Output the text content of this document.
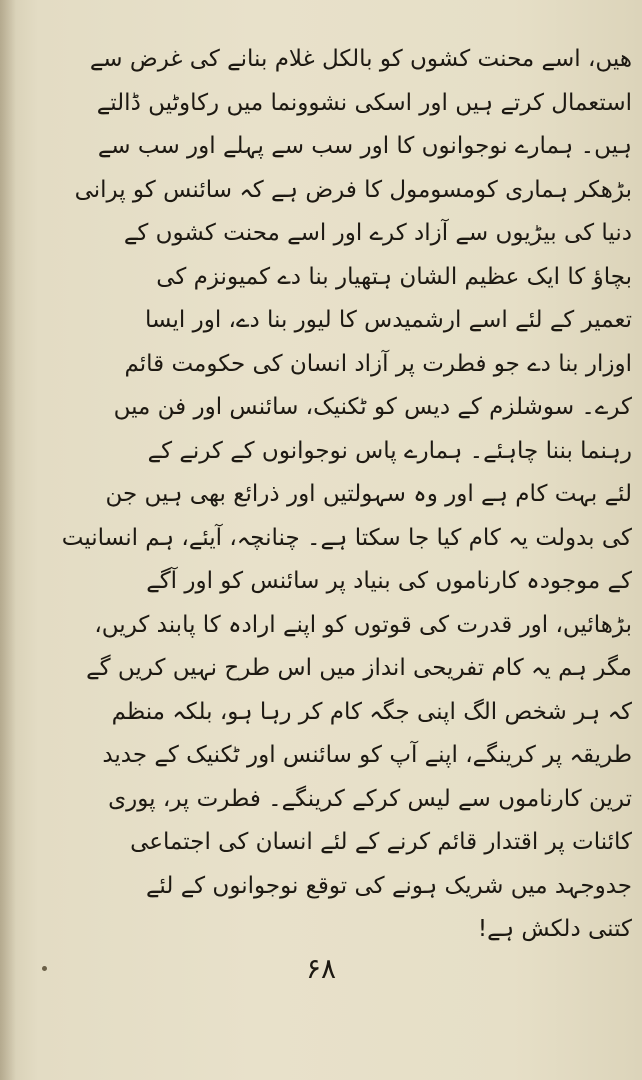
هیں، اسے محنت کشوں کو بالکل غلام بنانے کی غرض سے
استعمال کرتے ہیں اور اسکی نشوونما میں رکاوٹیں ڈالتے
ہیں۔ ہمارے نوجوانوں کا اور سب سے پہلے اور سب سے
بڑھکر ہماری کومسومول کا فرض ہے کہ سائنس کو پرانی
دنیا کی بیڑیوں سے آزاد کرے اور اسے محنت کشوں کے
بچاؤ کا ایک عظیم الشان ہتھیار بنا دے کمیونزم کی
تعمیر کے لئے اسے ارشمیدس کا لیور بنا دے، اور ایسا
اوزار بنا دے جو فطرت پر آزاد انسان کی حکومت قائم
کرے۔ سوشلزم کے دیس کو ٹکنیک، سائنس اور فن میں
رہنما بننا چاہئے۔ ہمارے پاس نوجوانوں کے کرنے کے
لئے بہت کام ہے اور وہ سہولتیں اور ذرائع بھی ہیں جن
کی بدولت یہ کام کیا جا سکتا ہے۔ چنانچہ، آیئے، ہم انسانیت
کے موجودہ کارناموں کی بنیاد پر سائنس کو اور آگے
بڑھائیں، اور قدرت کی قوتوں کو اپنے ارادہ کا پابند کریں،
مگر ہم یہ کام تفریحی انداز میں اس طرح نہیں کریں گے
کہ ہر شخص الگ اپنی جگہ کام کر رہا ہو، بلکہ منظم
طریقہ پر کرینگے، اپنے آپ کو سائنس اور ٹکنیک کے جدید
ترین کارناموں سے لیس کرکے کرینگے۔ فطرت پر، پوری
کائنات پر اقتدار قائم کرنے کے لئے انسان کی اجتماعی
جدوجہد میں شریک ہونے کی توقع نوجوانوں کے لئے
کتنی دلکش ہے!
۶۸
